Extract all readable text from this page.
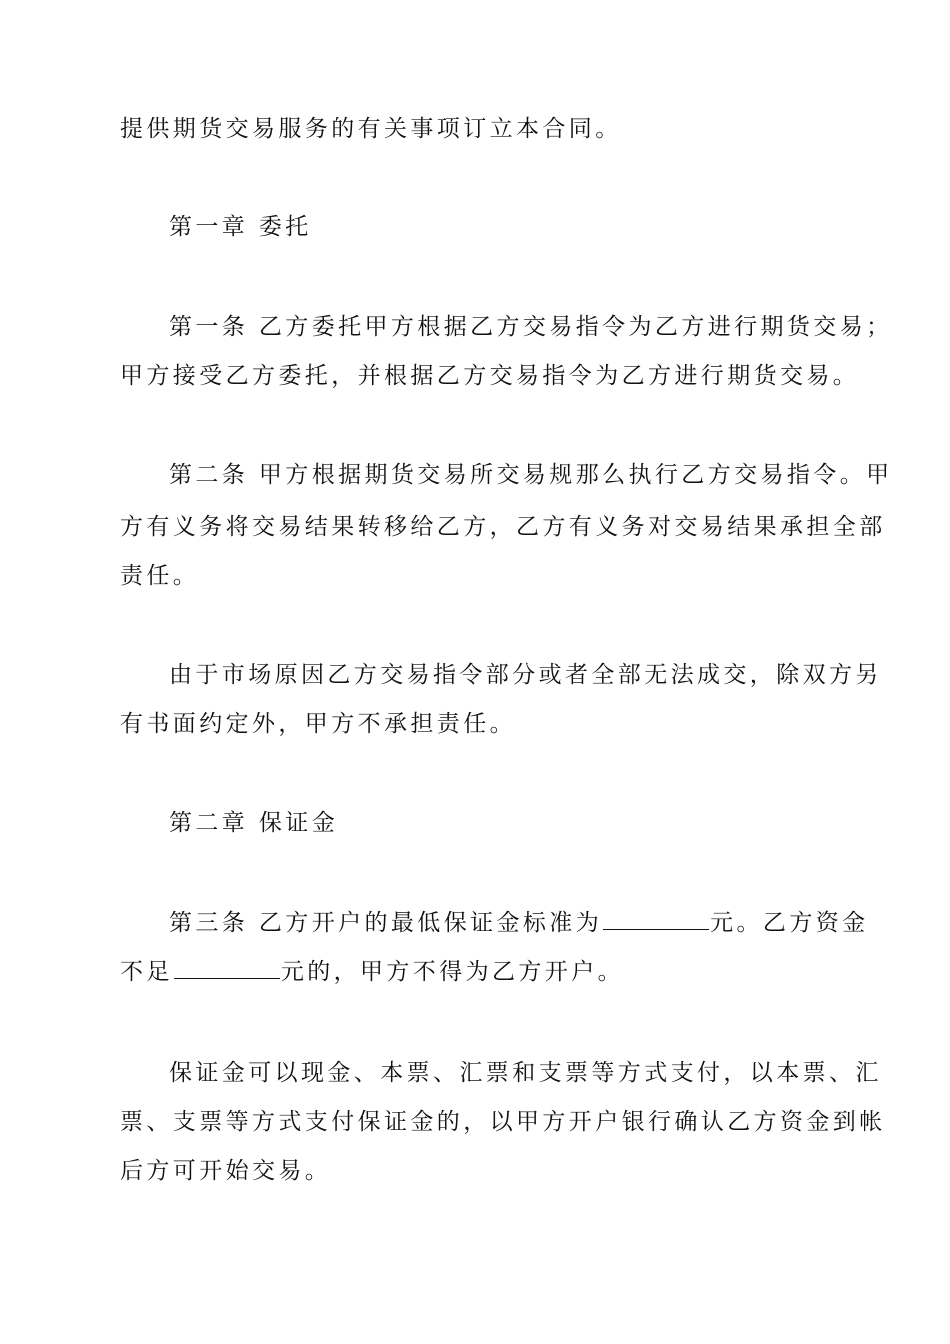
提供期货交易服务的有关事项订立本合同。
第一章 委托
第一条 乙方委托甲方根据乙方交易指令为乙方进行期货交易；
甲方接受乙方委托，并根据乙方交易指令为乙方进行期货交易。
第二条 甲方根据期货交易所交易规那么执行乙方交易指令。甲
方有义务将交易结果转移给乙方，乙方有义务对交易结果承担全部
责任。
由于市场原因乙方交易指令部分或者全部无法成交，除双方另
有书面约定外，甲方不承担责任。
第二章 保证金
第三条 乙方开户的最低保证金标准为	元。乙方资金
不足	元的，甲方不得为乙方开户。
保证金可以现金、本票、汇票和支票等方式支付，以本票、汇
票、支票等方式支付保证金的，以甲方开户银行确认乙方资金到帐
后方可开始交易。
